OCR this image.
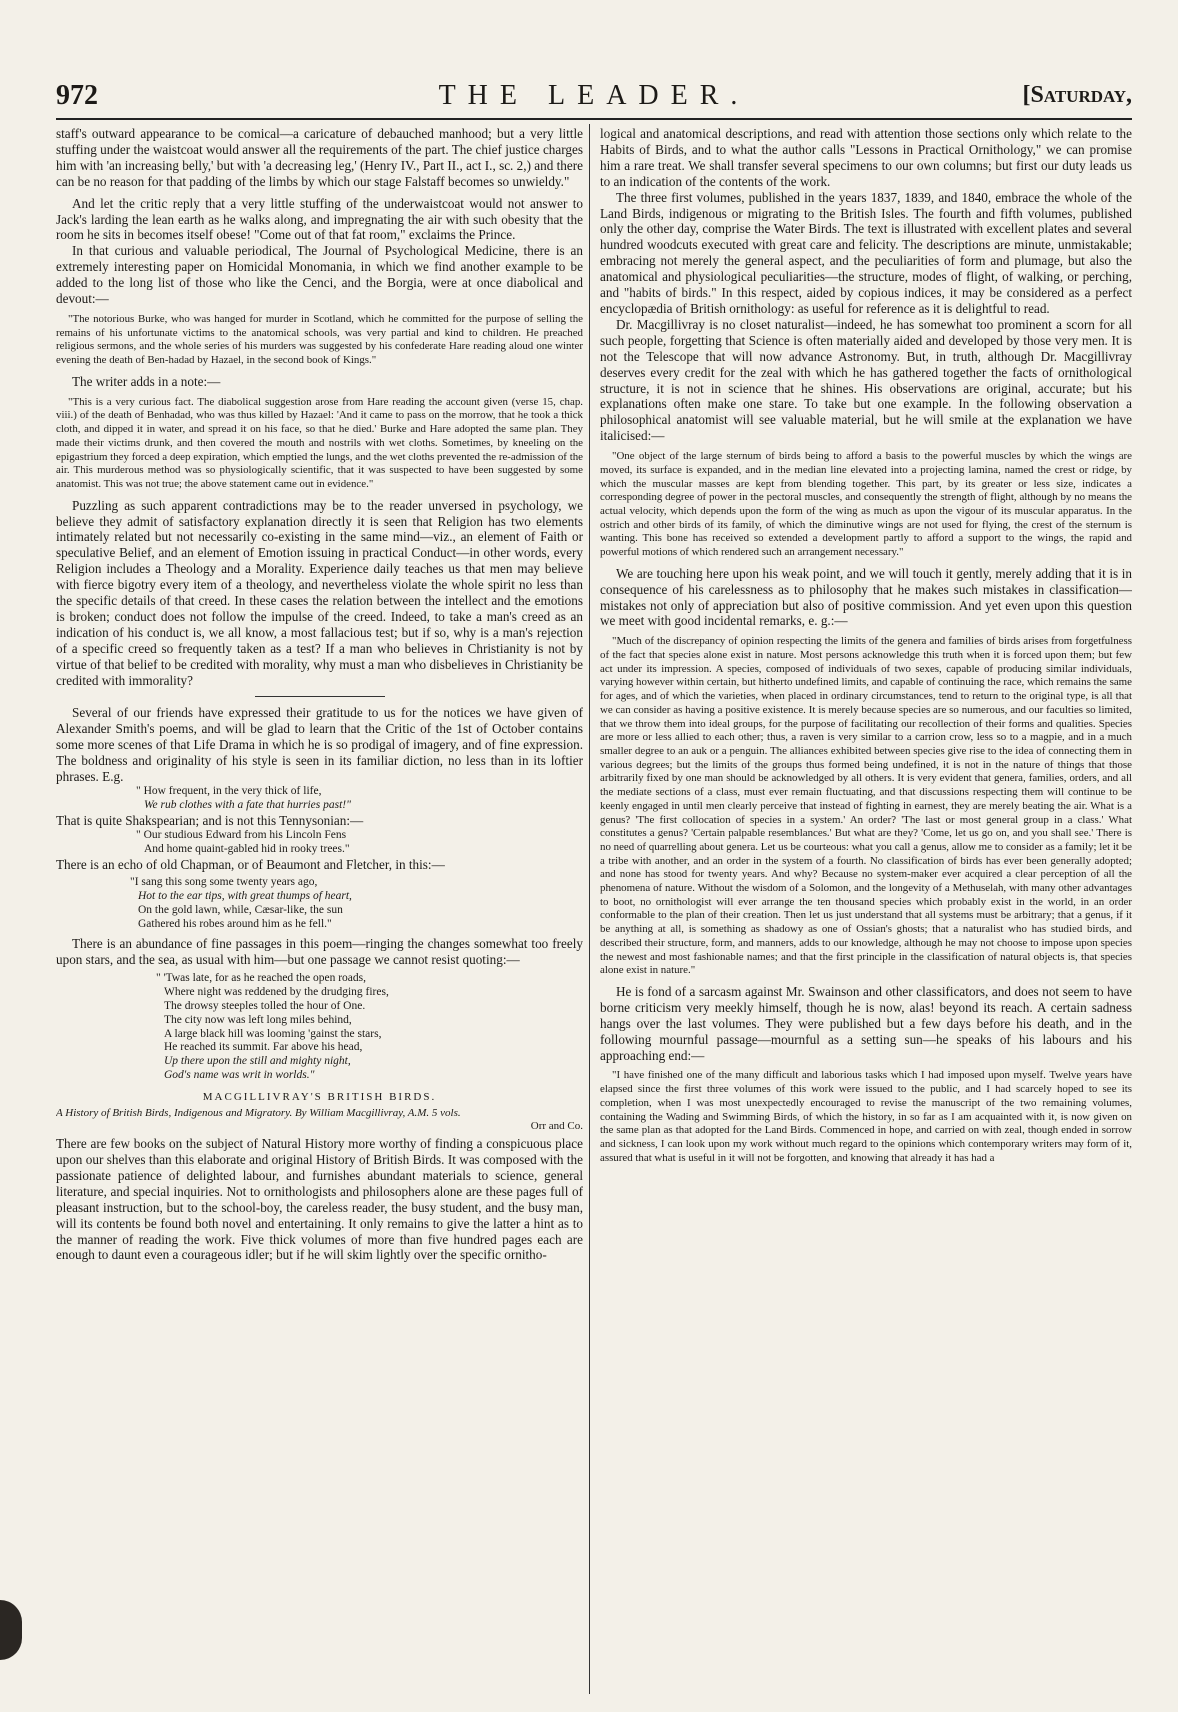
972	THE LEADER.	[Saturday,

staff's outward appearance to be comical—a caricature of debauched manhood; but a very little stuffing under the waistcoat would answer all the requirements of the part. The chief justice charges him with 'an increasing belly,' but with 'a decreasing leg,' (Henry IV., Part II., act I., sc. 2,) and there can be no reason for that padding of the limbs by which our stage Falstaff becomes so unwieldy."

And let the critic reply that a very little stuffing of the underwaistcoat would not answer to Jack's larding the lean earth as he walks along, and impregnating the air with such obesity that the room he sits in becomes itself obese! "Come out of that fat room," exclaims the Prince.

In that curious and valuable periodical, The Journal of Psychological Medicine, there is an extremely interesting paper on Homicidal Monomania, in which we find another example to be added to the long list of those who like the Cenci, and the Borgia, were at once diabolical and devout:—

"The notorious Burke, who was hanged for murder in Scotland, which he committed for the purpose of selling the remains of his unfortunate victims to the anatomical schools, was very partial and kind to children. He preached religious sermons, and the whole series of his murders was suggested by his confederate Hare reading aloud one winter evening the death of Ben-hadad by Hazael, in the second book of Kings."

The writer adds in a note:—

"This is a very curious fact. The diabolical suggestion arose from Hare reading the account given (verse 15, chap. viii.) of the death of Benhadad, who was thus killed by Hazael: 'And it came to pass on the morrow, that he took a thick cloth, and dipped it in water, and spread it on his face, so that he died.' Burke and Hare adopted the same plan. They made their victims drunk, and then covered the mouth and nostrils with wet cloths. Sometimes, by kneeling on the epigastrium they forced a deep expiration, which emptied the lungs, and the wet cloths prevented the re-admission of the air. This murderous method was so physiologically scientific, that it was suspected to have been suggested by some anatomist. This was not true; the above statement came out in evidence."

Puzzling as such apparent contradictions may be to the reader unversed in psychology, we believe they admit of satisfactory explanation directly it is seen that Religion has two elements intimately related but not necessarily co-existing in the same mind—viz., an element of Faith or speculative Belief, and an element of Emotion issuing in practical Conduct—in other words, every Religion includes a Theology and a Morality. Experience daily teaches us that men may believe with fierce bigotry every item of a theology, and nevertheless violate the whole spirit no less than the specific details of that creed. In these cases the relation between the intellect and the emotions is broken; conduct does not follow the impulse of the creed. Indeed, to take a man's creed as an indication of his conduct is, we all know, a most fallacious test; but if so, why is a man's rejection of a specific creed so frequently taken as a test? If a man who believes in Christianity is not by virtue of that belief to be credited with morality, why must a man who disbelieves in Christianity be credited with immorality?

Several of our friends have expressed their gratitude to us for the notices we have given of Alexander Smith's poems, and will be glad to learn that the Critic of the 1st of October contains some more scenes of that Life Drama in which he is so prodigal of imagery, and of fine expression. The boldness and originality of his style is seen in its familiar diction, no less than in its loftier phrases. E.g.

" How frequent, in the very thick of life,
We rub clothes with a fate that hurries past!"

That is quite Shakspearian; and is not this Tennysonian:—

" Our studious Edward from his Lincoln Fens
And home quaint-gabled hid in rooky trees."

There is an echo of old Chapman, or of Beaumont and Fletcher, in this:—

"I sang this song some twenty years ago,
Hot to the ear tips, with great thumps of heart,
On the gold lawn, while, Cæsar-like, the sun
Gathered his robes around him as he fell."

There is an abundance of fine passages in this poem—ringing the changes somewhat too freely upon stars, and the sea, as usual with him—but one passage we cannot resist quoting:—

" 'Twas late, for as he reached the open roads,
Where night was reddened by the drudging fires,
The drowsy steeples tolled the hour of One.
The city now was left long miles behind,
A large black hill was looming 'gainst the stars,
He reached its summit. Far above his head,
Up there upon the still and mighty night,
God's name was writ in worlds."
MACGILLIVRAY'S BRITISH BIRDS.
A History of British Birds, Indigenous and Migratory. By William Macgillivray, A.M. 5 vols.
Orr and Co.

There are few books on the subject of Natural History more worthy of finding a conspicuous place upon our shelves than this elaborate and original History of British Birds. It was composed with the passionate patience of delighted labour, and furnishes abundant materials to science, general literature, and special inquiries. Not to ornithologists and philosophers alone are these pages full of pleasant instruction, but to the school-boy, the careless reader, the busy student, and the busy man, will its contents be found both novel and entertaining. It only remains to give the latter a hint as to the manner of reading the work. Five thick volumes of more than five hundred pages each are enough to daunt even a courageous idler; but if he will skim lightly over the specific ornitho-

logical and anatomical descriptions, and read with attention those sections only which relate to the Habits of Birds, and to what the author calls "Lessons in Practical Ornithology," we can promise him a rare treat. We shall transfer several specimens to our own columns; but first our duty leads us to an indication of the contents of the work.

The three first volumes, published in the years 1837, 1839, and 1840, embrace the whole of the Land Birds, indigenous or migrating to the British Isles. The fourth and fifth volumes, published only the other day, comprise the Water Birds. The text is illustrated with excellent plates and several hundred woodcuts executed with great care and felicity. The descriptions are minute, unmistakable; embracing not merely the general aspect, and the peculiarities of form and plumage, but also the anatomical and physiological peculiarities—the structure, modes of flight, of walking, or perching, and "habits of birds." In this respect, aided by copious indices, it may be considered as a perfect encyclopædia of British ornithology: as useful for reference as it is delightful to read.

Dr. Macgillivray is no closet naturalist—indeed, he has somewhat too prominent a scorn for all such people, forgetting that Science is often materially aided and developed by those very men. It is not the Telescope that will now advance Astronomy. But, in truth, although Dr. Macgillivray deserves every credit for the zeal with which he has gathered together the facts of ornithological structure, it is not in science that he shines. His observations are original, accurate; but his explanations often make one stare. To take but one example. In the following observation a philosophical anatomist will see valuable material, but he will smile at the explanation we have italicised:—

"One object of the large sternum of birds being to afford a basis to the powerful muscles by which the wings are moved, its surface is expanded, and in the median line elevated into a projecting lamina, named the crest or ridge, by which the muscular masses are kept from blending together. This part, by its greater or less size, indicates a corresponding degree of power in the pectoral muscles, and consequently the strength of flight, although by no means the actual velocity, which depends upon the form of the wing as much as upon the vigour of its muscular apparatus. In the ostrich and other birds of its family, of which the diminutive wings are not used for flying, the crest of the sternum is wanting. This bone has received so extended a development partly to afford a support to the wings, the rapid and powerful motions of which rendered such an arrangement necessary."

We are touching here upon his weak point, and we will touch it gently, merely adding that it is in consequence of his carelessness as to philosophy that he makes such mistakes in classification—mistakes not only of appreciation but also of positive commission. And yet even upon this question we meet with good incidental remarks, e. g.:—

"Much of the discrepancy of opinion respecting the limits of the genera and families of birds arises from forgetfulness of the fact that species alone exist in nature. Most persons acknowledge this truth when it is forced upon them; but few act under its impression. A species, composed of individuals of two sexes, capable of producing similar individuals, varying however within certain, but hitherto undefined limits, and capable of continuing the race, which remains the same for ages, and of which the varieties, when placed in ordinary circumstances, tend to return to the original type, is all that we can consider as having a positive existence. It is merely because species are so numerous, and our faculties so limited, that we throw them into ideal groups, for the purpose of facilitating our recollection of their forms and qualities. Species are more or less allied to each other; thus, a raven is very similar to a carrion crow, less so to a magpie, and in a much smaller degree to an auk or a penguin. The alliances exhibited between species give rise to the idea of connecting them in various degrees; but the limits of the groups thus formed being undefined, it is not in the nature of things that those arbitrarily fixed by one man should be acknowledged by all others. It is very evident that genera, families, orders, and all the mediate sections of a class, must ever remain fluctuating, and that discussions respecting them will continue to be keenly engaged in until men clearly perceive that instead of fighting in earnest, they are merely beating the air. What is a genus? 'The first collocation of species in a system.' An order? 'The last or most general group in a class.' What constitutes a genus? 'Certain palpable resemblances.' But what are they? 'Come, let us go on, and you shall see.' There is no need of quarrelling about genera. Let us be courteous: what you call a genus, allow me to consider as a family; let it be a tribe with another, and an order in the system of a fourth. No classification of birds has ever been generally adopted; and none has stood for twenty years. And why? Because no system-maker ever acquired a clear perception of all the phenomena of nature. Without the wisdom of a Solomon, and the longevity of a Methuselah, with many other advantages to boot, no ornithologist will ever arrange the ten thousand species which probably exist in the world, in an order conformable to the plan of their creation. Then let us just understand that all systems must be arbitrary; that a genus, if it be anything at all, is something as shadowy as one of Ossian's ghosts; that a naturalist who has studied birds, and described their structure, form, and manners, adds to our knowledge, although he may not choose to impose upon species the newest and most fashionable names; and that the first principle in the classification of natural objects is, that species alone exist in nature."

He is fond of a sarcasm against Mr. Swainson and other classificators, and does not seem to have borne criticism very meekly himself, though he is now, alas! beyond its reach. A certain sadness hangs over the last volumes. They were published but a few days before his death, and in the following mournful passage—mournful as a setting sun—he speaks of his labours and his approaching end:—

"I have finished one of the many difficult and laborious tasks which I had imposed upon myself. Twelve years have elapsed since the first three volumes of this work were issued to the public, and I had scarcely hoped to see its completion, when I was most unexpectedly encouraged to revise the manuscript of the two remaining volumes, containing the Wading and Swimming Birds, of which the history, in so far as I am acquainted with it, is now given on the same plan as that adopted for the Land Birds. Commenced in hope, and carried on with zeal, though ended in sorrow and sickness, I can look upon my work without much regard to the opinions which contemporary writers may form of it, assured that what is useful in it will not be forgotten, and knowing that already it has had a
